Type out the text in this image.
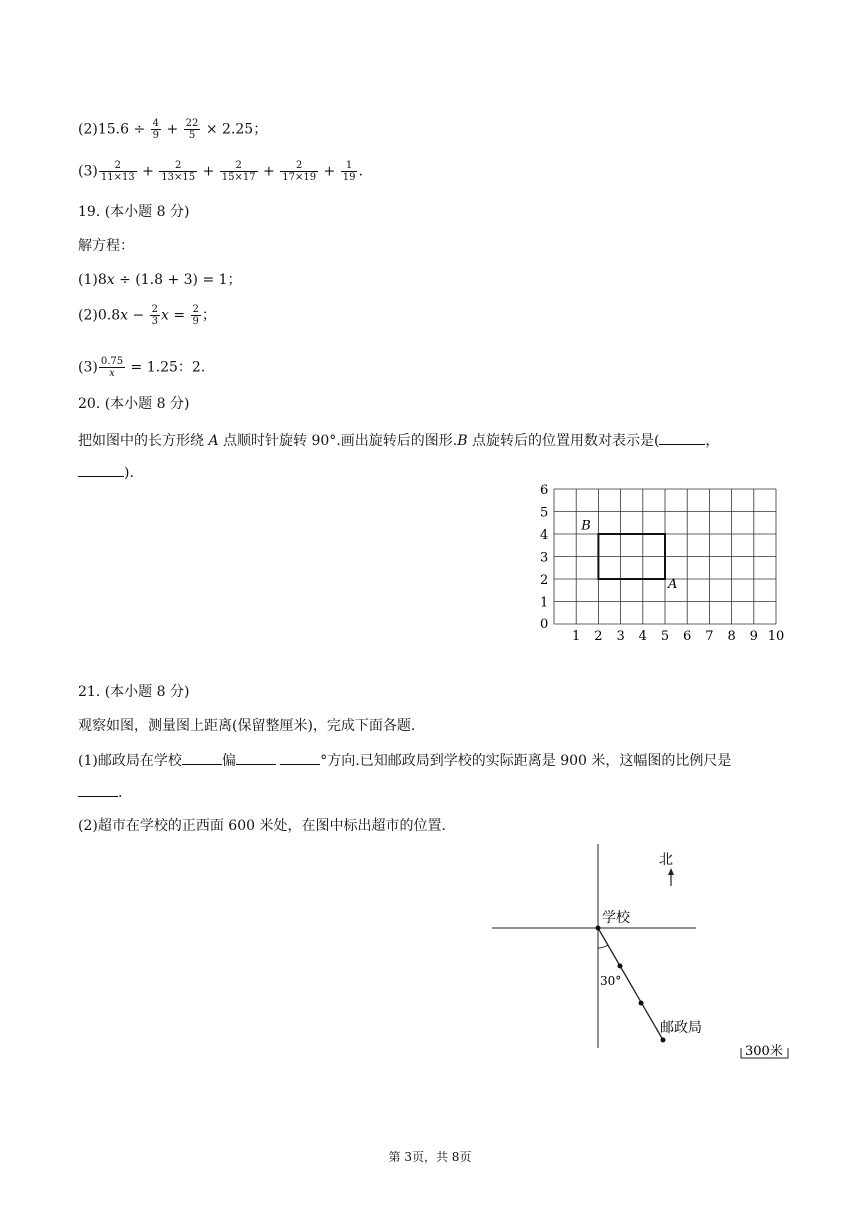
$(2)15.6 \div \frac{4}{9} + \frac{22}{5} \times 2.25$；
$(3) \frac{2}{11\times 13} + \frac{2}{13\times 15} + \frac{2}{15\times 17} + \frac{2}{17\times 19} + \frac{1}{19}$ .
19. (本小题 8 分)
解方程：
(1)8𝑥 ÷ (1.8 + 3) = 1；
(2)0.8𝑥 − $\frac{2}{3}$ 𝑥 = $\frac{2}{9}$ ；
$(3) \frac{0.75}{\text{𝑥}} = 1.25$：2.
20. (本小题 8 分)
把如图中的长方形绕 A 点顺时针旋转 90°.画出旋转后的图形.B 点旋转后的位置用数对表示是(	，
).
0
1 2 3 4 5 6 7 8 9 10
1
2
3
4
5
6
B
A
21. (本小题 8 分)
观察如图，测量图上距离(保留整厘米)，完成下面各题.
(1)邮政局在学校	偏	°方向.已知邮政局到学校的实际距离是 900 米，这幅图的比例尺是
.
(2)超市在学校的正西面 600 米处，在图中标出超市的位置.
北
学校
30°
邮政局
300米
第 3页，共 8页
